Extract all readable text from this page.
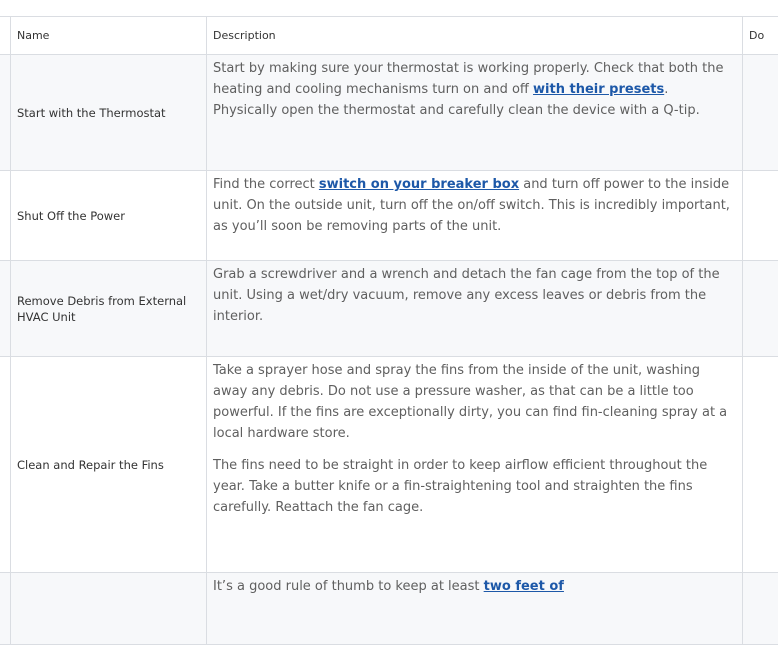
	Name	Description	Do
	Start with the Thermostat	Start by making sure your thermostat is working properly. Check that both the heating and cooling mechanisms turn on and off with their presets. Physically open the thermostat and carefully clean the device with a Q-tip.	

	Shut Off the Power	Find the correct switch on your breaker box and turn off power to the inside unit. On the outside unit, turn off the on/off switch. This is incredibly important, as you’ll soon be removing parts of the unit.	

	Remove Debris from External HVAC Unit	Grab a screwdriver and a wrench and detach the fan cage from the top of the unit. Using a wet/dry vacuum, remove any excess leaves or debris from the interior.	

	Clean and Repair the Fins	Take a sprayer hose and spray the fins from the inside of the unit, washing away any debris. Do not use a pressure washer, as that can be a little too powerful. If the fins are exceptionally dirty, you can find fin-cleaning spray at a local hardware store.

The fins need to be straight in order to keep airflow efficient throughout the year. Take a butter knife or a fin-straightening tool and straighten the fins carefully. Reattach the fan cage.	

		It’s a good rule of thumb to keep at least two feet of	
